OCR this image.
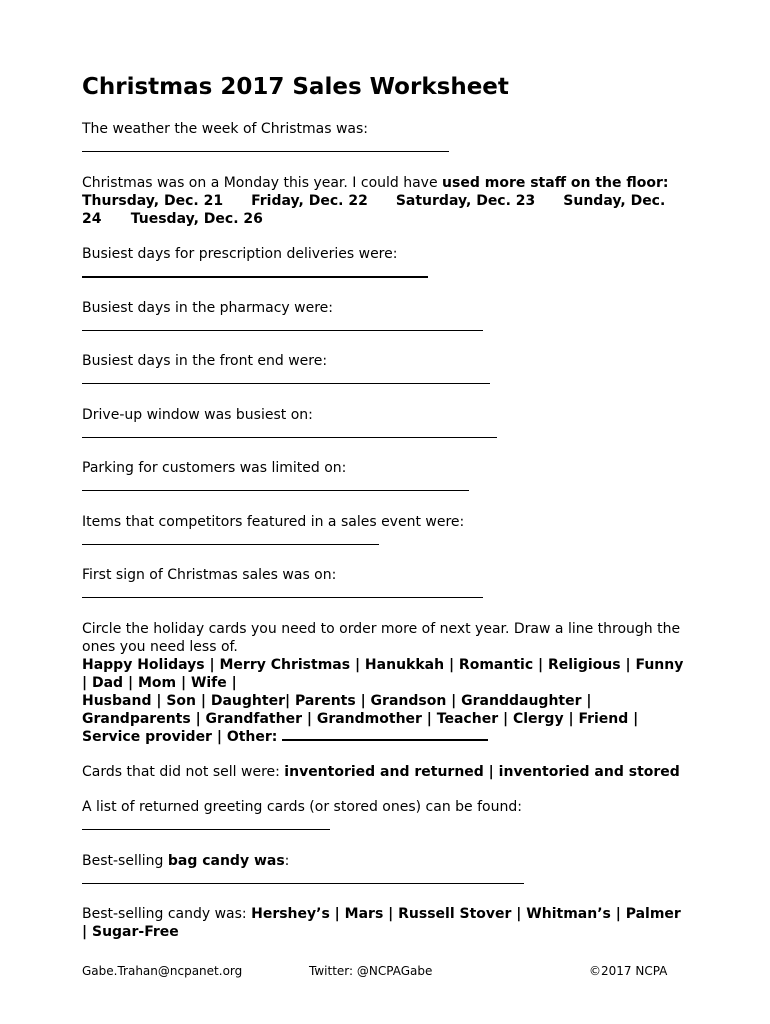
Christmas 2017 Sales Worksheet

The weather the week of Christmas was:

Christmas was on a Monday this year. I could have used more staff on the floor:

Thursday, Dec. 21 Friday, Dec. 22 Saturday, Dec. 23 Sunday, Dec. 24 Tuesday, Dec. 26

Busiest days for prescription deliveries were:

Busiest days in the pharmacy were:

Busiest days in the front end were:

Drive-up window was busiest on:

Parking for customers was limited on:

Items that competitors featured in a sales event were:

First sign of Christmas sales was on:

Circle the holiday cards you need to order more of next year. Draw a line through the ones you need less of.

Happy Holidays | Merry Christmas | Hanukkah | Romantic | Religious | Funny | Dad | Mom | Wife |

Husband | Son | Daughter| Parents | Grandson | Granddaughter | Grandparents | Grandfather | Grandmother | Teacher | Clergy | Friend |

Service provider | Other:

Cards that did not sell were: inventoried and returned | inventoried and stored

A list of returned greeting cards (or stored ones) can be found:

Best-selling bag candy was:

Best-selling candy was: Hershey’s | Mars | Russell Stover | Whitman’s | Palmer | Sugar-Free

Gabe.Trahan@ncpanet.org	Twitter: @NCPAGabe	©2017 NCPA
